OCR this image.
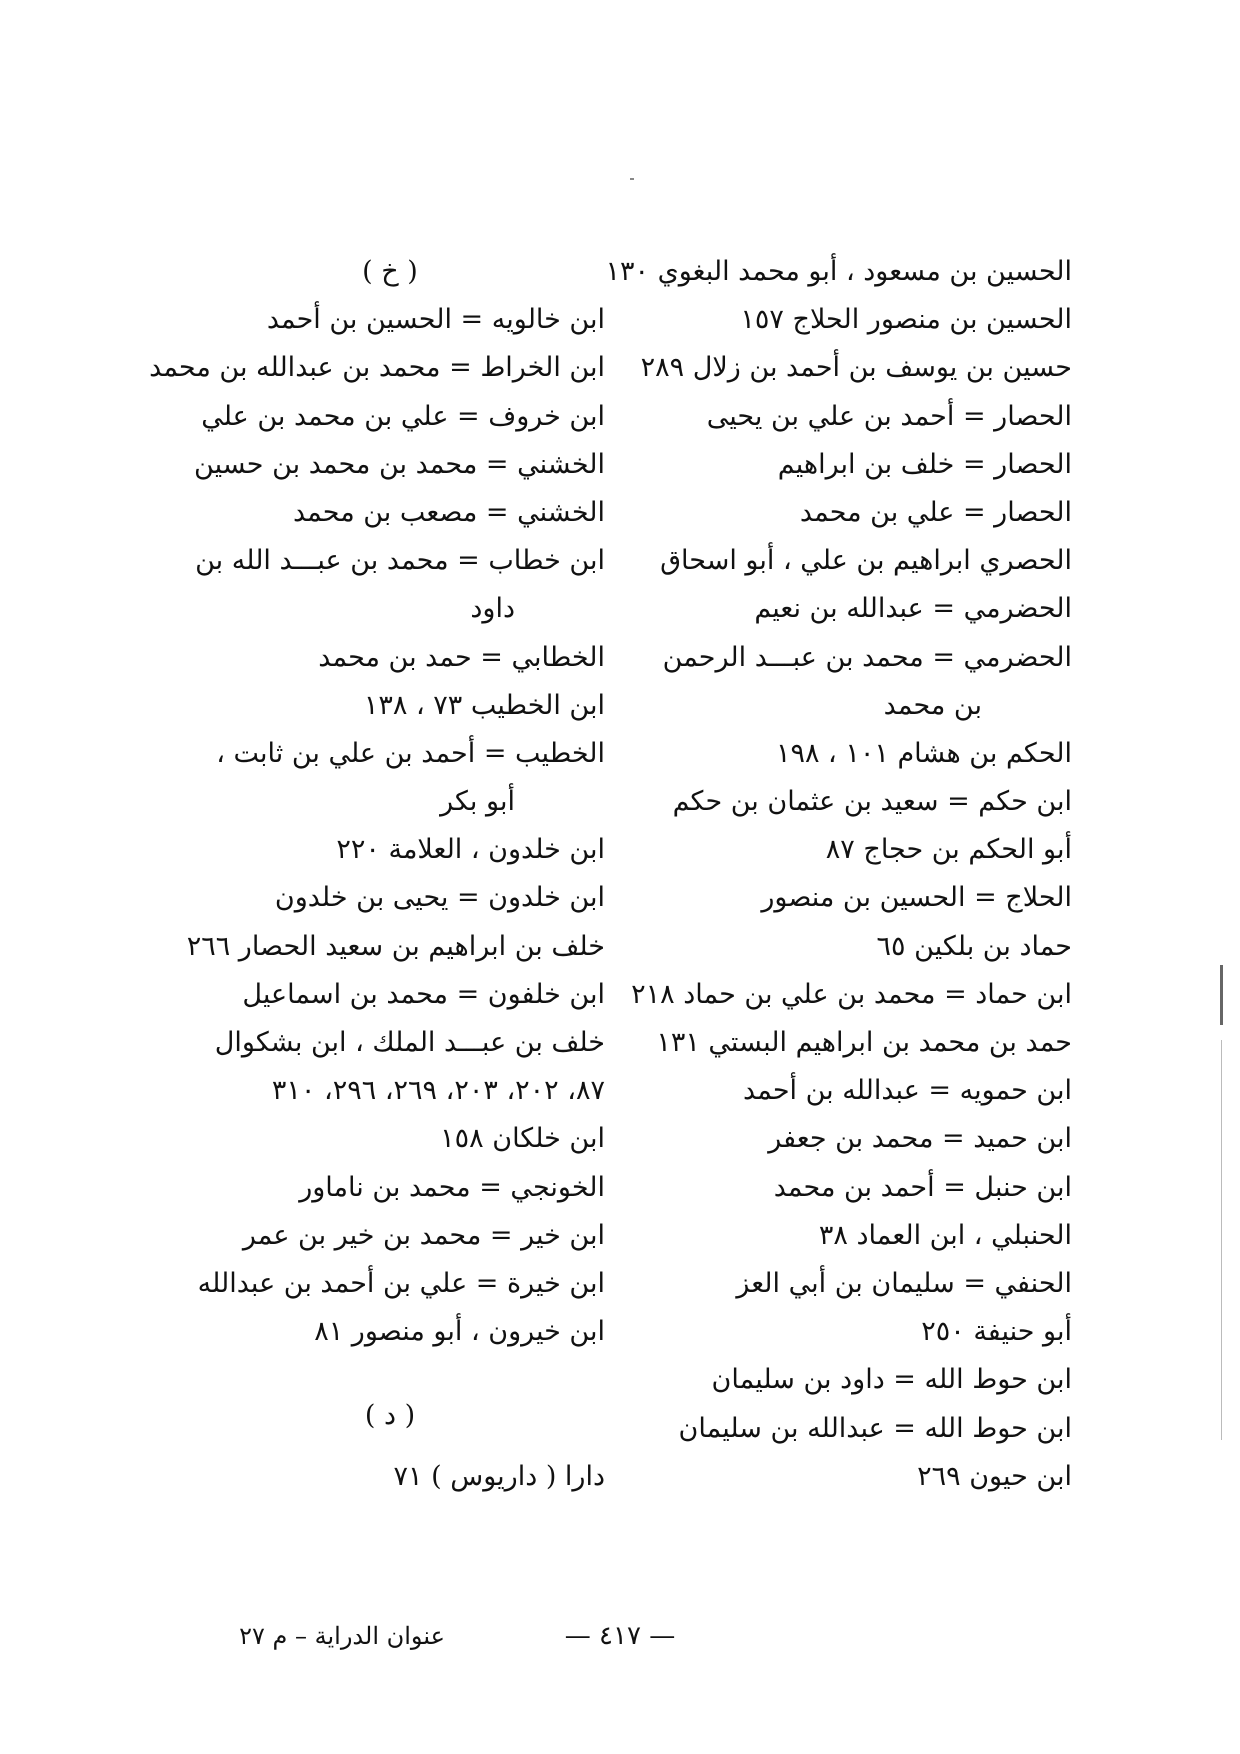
الحسين بن مسعود ، أبو محمد البغوي ١٣٠
الحسين بن منصور الحلاج ١٥٧
حسين بن يوسف بن أحمد بن زلال ٢٨٩
الحصار = أحمد بن علي بن يحيى
الحصار = خلف بن ابراهيم
الحصار = علي بن محمد
الحصري ابراهيم بن علي ، أبو اسحاق
الحضرمي = عبدالله بن نعيم
الحضرمي = محمد بن عبـــد الرحمن
بن محمد
الحكم بن هشام ١٠١ ، ١٩٨
ابن حكم = سعيد بن عثمان بن حكم
أبو الحكم بن حجاج ٨٧
الحلاج = الحسين بن منصور
حماد بن بلكين ٦٥
ابن حماد = محمد بن علي بن حماد ٢١٨
حمد بن محمد بن ابراهيم البستي ١٣١
ابن حمويه = عبدالله بن أحمد
ابن حميد = محمد بن جعفر
ابن حنبل = أحمد بن محمد
الحنبلي ، ابن العماد ٣٨
الحنفي = سليمان بن أبي العز
أبو حنيفة ٢٥٠
ابن حوط الله = داود بن سليمان
ابن حوط الله = عبدالله بن سليمان
ابن حيون ٢٦٩
( خ )
ابن خالويه = الحسين بن أحمد
ابن الخراط = محمد بن عبدالله بن محمد
ابن خروف = علي بن محمد بن علي
الخشني = محمد بن محمد بن حسين
الخشني = مصعب بن محمد
ابن خطاب = محمد بن عبـــد الله بن
داود
الخطابي = حمد بن محمد
ابن الخطيب ٧٣ ، ١٣٨
الخطيب = أحمد بن علي بن ثابت ،
أبو بكر
ابن خلدون ، العلامة ٢٢٠
ابن خلدون = يحيى بن خلدون
خلف بن ابراهيم بن سعيد الحصار ٢٦٦
ابن خلفون = محمد بن اسماعيل
خلف بن عبـــد الملك ، ابن بشكوال
٨٧، ٢٠٢، ٢٠٣، ٢٦٩، ٢٩٦، ٣١٠
ابن خلكان ١٥٨
الخونجي = محمد بن ناماور
ابن خير = محمد بن خير بن عمر
ابن خيرة = علي بن أحمد بن عبدالله
ابن خيرون ، أبو منصور ٨١
( د )
دارا ( داريوس ) ٧١
— ٤١٧ —
عنوان الدراية – م ٢٧
